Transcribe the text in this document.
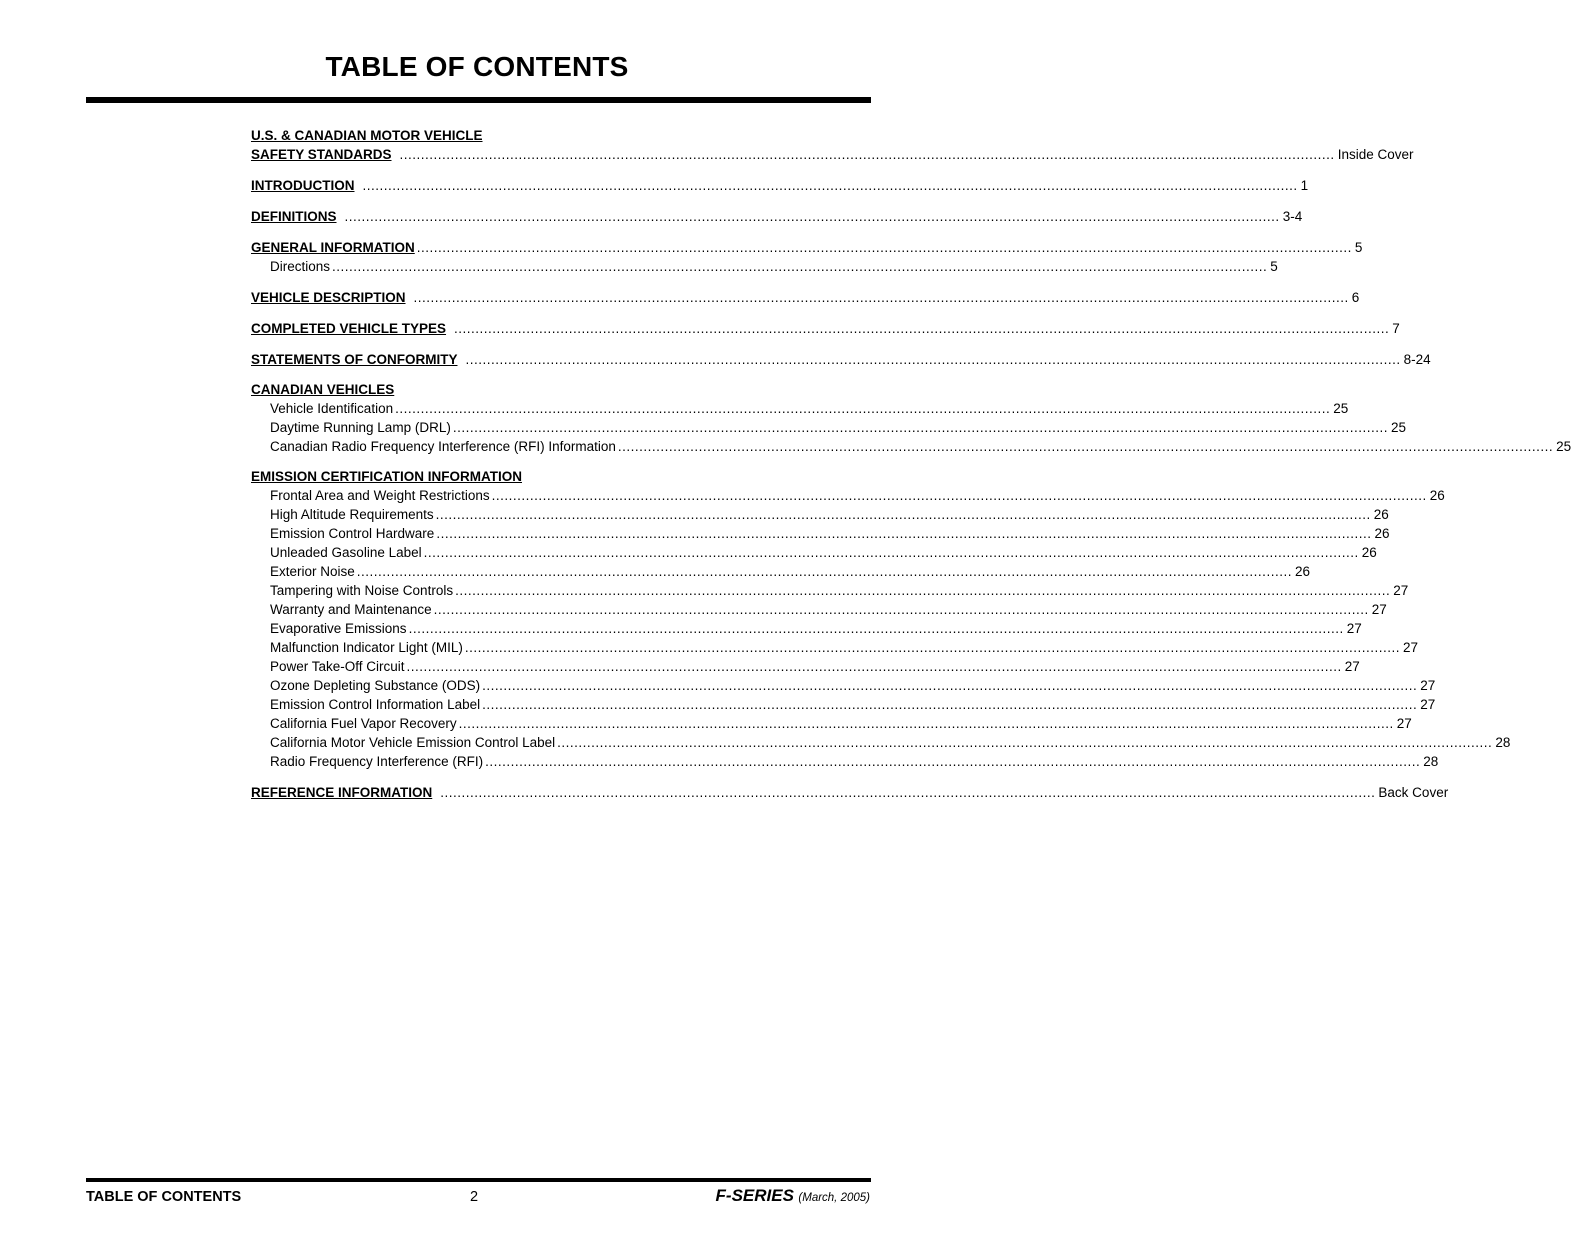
TABLE OF CONTENTS
U.S. & CANADIAN MOTOR VEHICLE
SAFETY STANDARDS ............................................................................................................................................................................................................................ Inside Cover
INTRODUCTION ............................................................................................................................................................................................................................ 1
DEFINITIONS ............................................................................................................................................................................................................................ 3-4
GENERAL INFORMATION ............................................................................................................................................................................................................................ 5
Directions ............................................................................................................................................................................................................................ 5
VEHICLE DESCRIPTION ............................................................................................................................................................................................................................ 6
COMPLETED VEHICLE TYPES ............................................................................................................................................................................................................................ 7
STATEMENTS OF CONFORMITY ............................................................................................................................................................................................................................ 8-24
CANADIAN VEHICLES
Vehicle Identification ............................................................................................................................................................................................................................ 25
Daytime Running Lamp (DRL) ............................................................................................................................................................................................................................ 25
Canadian Radio Frequency Interference (RFI) Information ............................................................................................................................................................................................................................ 25
EMISSION CERTIFICATION INFORMATION
Frontal Area and Weight Restrictions ............................................................................................................................................................................................................................ 26
High Altitude Requirements ............................................................................................................................................................................................................................ 26
Emission Control Hardware ............................................................................................................................................................................................................................ 26
Unleaded Gasoline Label ............................................................................................................................................................................................................................ 26
Exterior Noise ............................................................................................................................................................................................................................ 26
Tampering with Noise Controls ............................................................................................................................................................................................................................ 27
Warranty and Maintenance ............................................................................................................................................................................................................................ 27
Evaporative Emissions ............................................................................................................................................................................................................................ 27
Malfunction Indicator Light (MIL) ............................................................................................................................................................................................................................ 27
Power Take-Off Circuit ............................................................................................................................................................................................................................ 27
Ozone Depleting Substance (ODS) ............................................................................................................................................................................................................................ 27
Emission Control Information Label ............................................................................................................................................................................................................................ 27
California Fuel Vapor Recovery ............................................................................................................................................................................................................................ 27
California Motor Vehicle Emission Control Label ............................................................................................................................................................................................................................ 28
Radio Frequency Interference (RFI) ............................................................................................................................................................................................................................ 28
REFERENCE INFORMATION ............................................................................................................................................................................................................................ Back Cover
TABLE OF CONTENTS	2	F-SERIES (March, 2005)
